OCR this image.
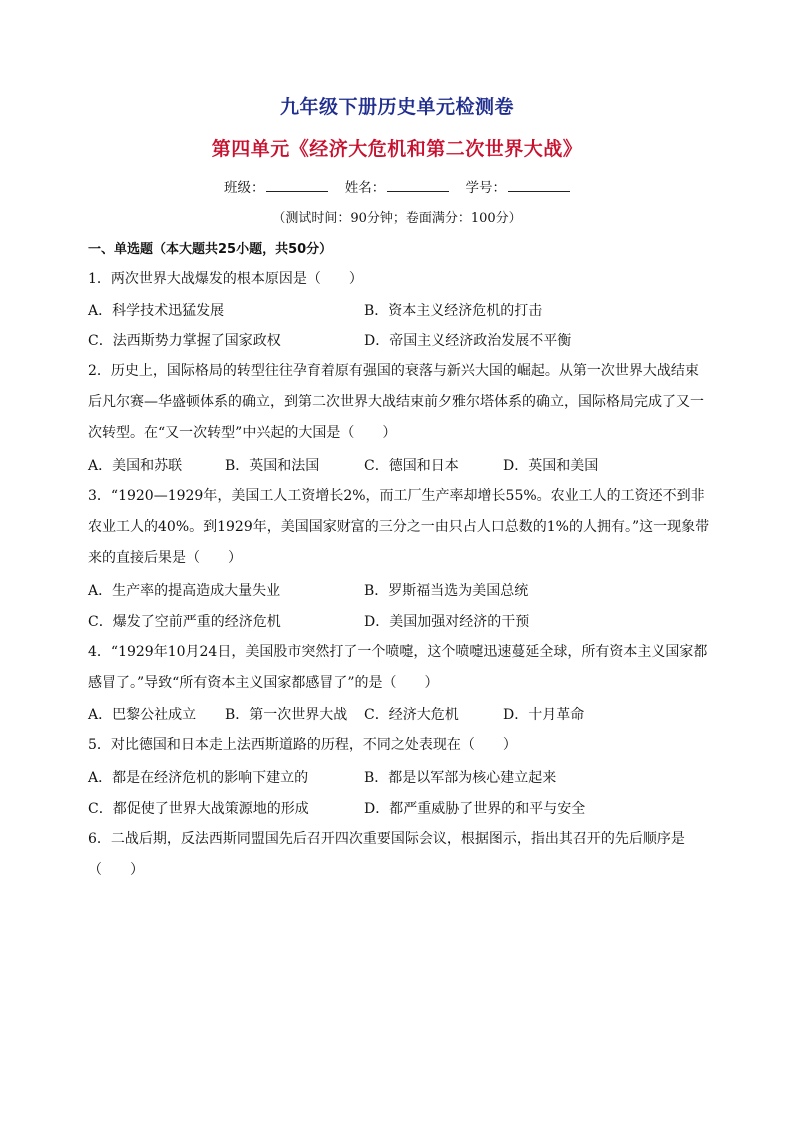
九年级下册历史单元检测卷
第四单元《经济大危机和第二次世界大战》
班级：	姓名：	学号：
（测试时间：90分钟；卷面满分：100分）
一、单选题（本大题共25小题，共50分）
1．两次世界大战爆发的根本原因是（　　）
A．科学技术迅猛发展	B．资本主义经济危机的打击
C．法西斯势力掌握了国家政权	D．帝国主义经济政治发展不平衡
2．历史上，国际格局的转型往往孕育着原有强国的衰落与新兴大国的崛起。从第一次世界大战结束后凡尔赛—华盛顿体系的确立，到第二次世界大战结束前夕雅尔塔体系的确立，国际格局完成了又一次转型。在“又一次转型”中兴起的大国是（　　）
A．美国和苏联	B．英国和法国	C．德国和日本	D．英国和美国
3．“1920—1929年，美国工人工资增长2%，而工厂生产率却增长55%。农业工人的工资还不到非农业工人的40%。到1929年，美国国家财富的三分之一由只占人口总数的1%的人拥有。”这一现象带来的直接后果是（　　）
A．生产率的提高造成大量失业	B．罗斯福当选为美国总统
C．爆发了空前严重的经济危机	D．美国加强对经济的干预
4．“1929年10月24日，美国股市突然打了一个喷嚏，这个喷嚏迅速蔓延全球，所有资本主义国家都感冒了。”导致“所有资本主义国家都感冒了”的是（　　）
A．巴黎公社成立 B．第一次世界大战 C．经济大危机	D．十月革命
5．对比德国和日本走上法西斯道路的历程，不同之处表现在（　　）
A．都是在经济危机的影响下建立的	B．都是以军部为核心建立起来
C．都促使了世界大战策源地的形成	D．都严重威胁了世界的和平与安全
6．二战后期，反法西斯同盟国先后召开四次重要国际会议，根据图示，指出其召开的先后顺序是（　　）
